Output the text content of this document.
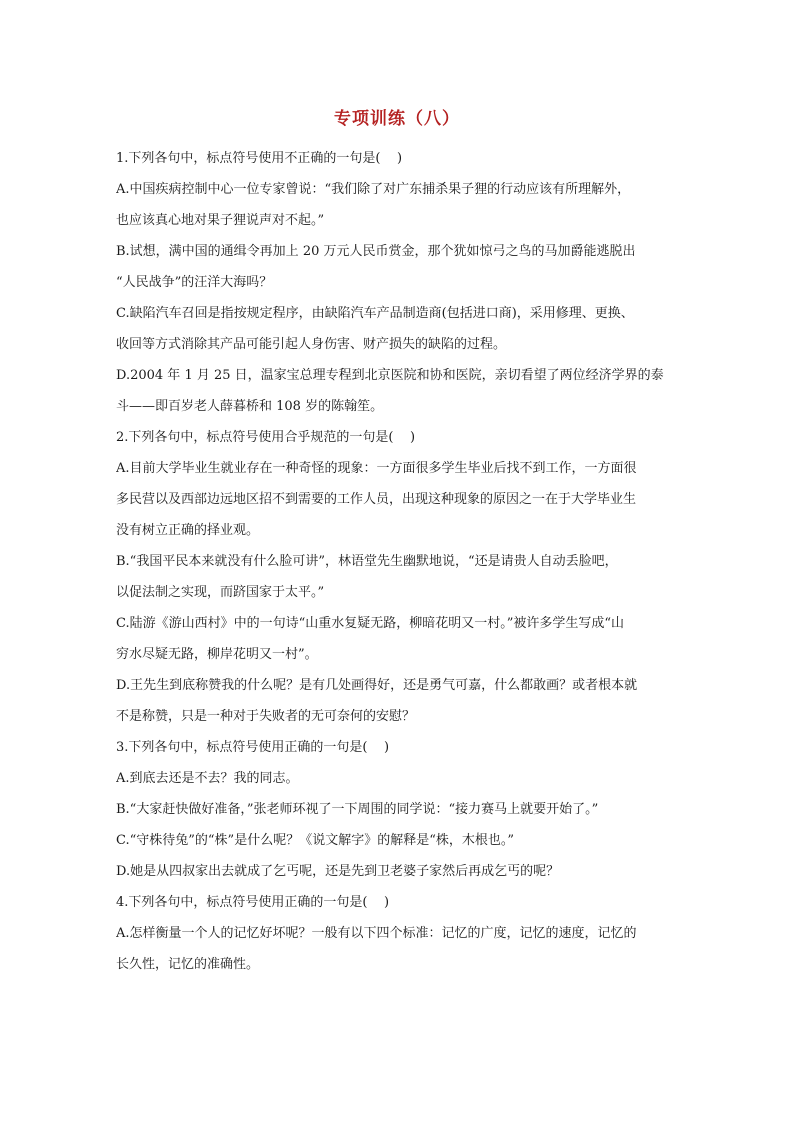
专项训练（八）
1.下列各句中，标点符号使用不正确的一句是(    )
A.中国疾病控制中心一位专家曾说：“我们除了对广东捕杀果子狸的行动应该有所理解外，
也应该真心地对果子狸说声对不起。”
B.试想，满中国的通缉令再加上 20 万元人民币赏金，那个犹如惊弓之鸟的马加爵能逃脱出
“人民战争”的汪洋大海吗？
C.缺陷汽车召回是指按规定程序，由缺陷汽车产品制造商(包括进口商)，采用修理、更换、
收回等方式消除其产品可能引起人身伤害、财产损失的缺陷的过程。
D.2004 年 1 月 25 日，温家宝总理专程到北京医院和协和医院，亲切看望了两位经济学界的泰
斗——即百岁老人薛暮桥和 108 岁的陈翰笙。
2.下列各句中，标点符号使用合乎规范的一句是(    )
A.目前大学毕业生就业存在一种奇怪的现象：一方面很多学生毕业后找不到工作，一方面很
多民营以及西部边远地区招不到需要的工作人员，出现这种现象的原因之一在于大学毕业生
没有树立正确的择业观。
B.“我国平民本来就没有什么脸可讲”，林语堂先生幽默地说，“还是请贵人自动丢脸吧，
以促法制之实现，而跻国家于太平。”
C.陆游《游山西村》中的一句诗“山重水复疑无路，柳暗花明又一村。”被许多学生写成“山
穷水尽疑无路，柳岸花明又一村”。
D.王先生到底称赞我的什么呢？是有几处画得好，还是勇气可嘉，什么都敢画？或者根本就
不是称赞，只是一种对于失败者的无可奈何的安慰？
3.下列各句中，标点符号使用正确的一句是(    )
A.到底去还是不去？我的同志。
B.“大家赶快做好准备，”张老师环视了一下周围的同学说：“接力赛马上就要开始了。”
C.“守株待兔”的“株”是什么呢？《说文解字》的解释是“株，木根也。”
D.她是从四叔家出去就成了乞丐呢，还是先到卫老婆子家然后再成乞丐的呢？
4.下列各句中，标点符号使用正确的一句是(    )
A.怎样衡量一个人的记忆好坏呢？一般有以下四个标准：记忆的广度，记忆的速度，记忆的
长久性，记忆的准确性。
